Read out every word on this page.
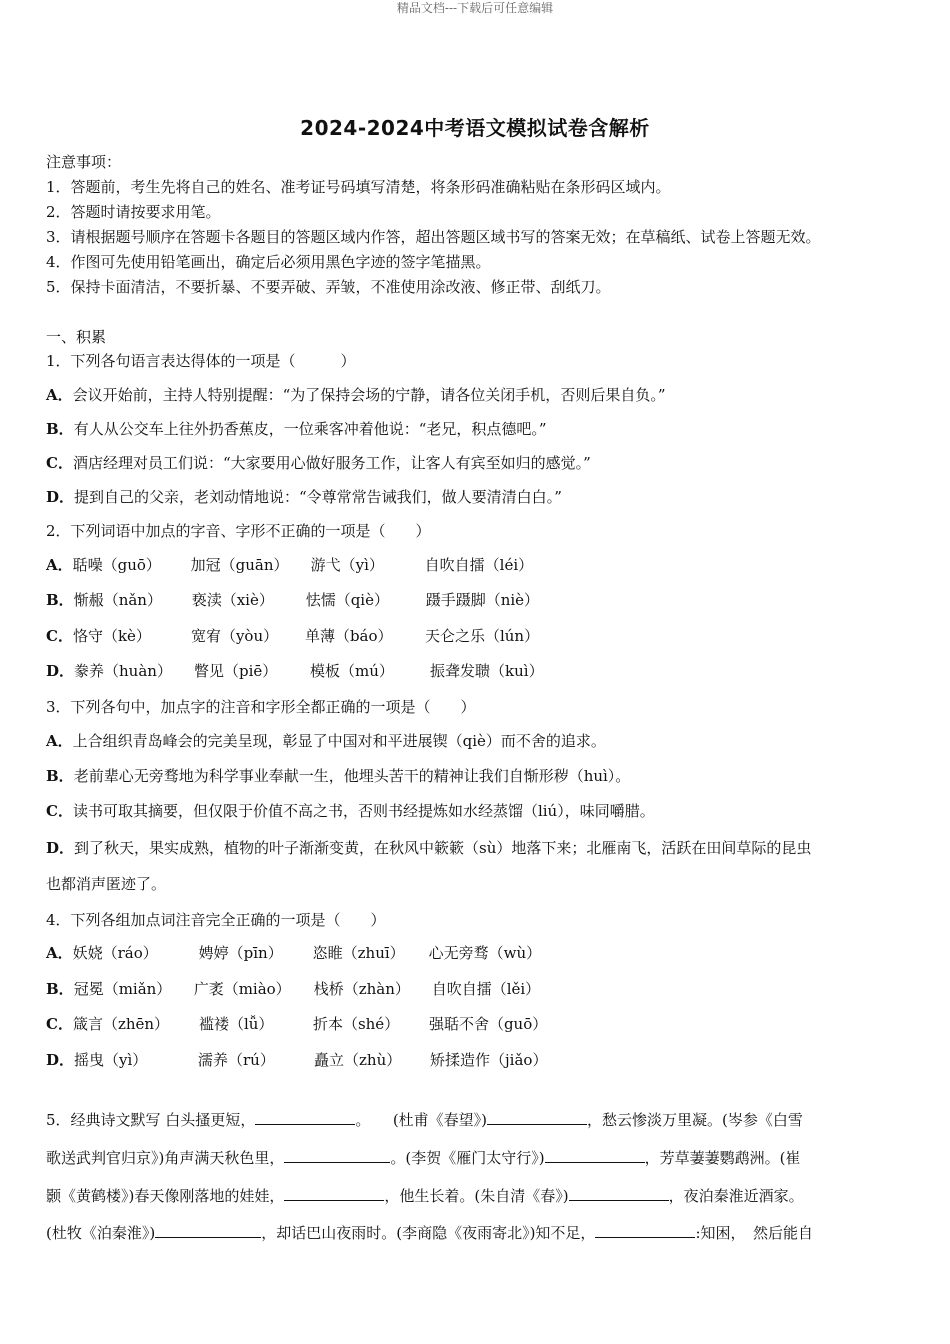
精品文档---下载后可任意编辑
2024-2024中考语文模拟试卷含解析
注意事项：
1．答题前，考生先将自己的姓名、准考证号码填写清楚，将条形码准确粘贴在条形码区域内。
2．答题时请按要求用笔。
3．请根据题号顺序在答题卡各题目的答题区域内作答，超出答题区域书写的答案无效；在草稿纸、试卷上答题无效。
4．作图可先使用铅笔画出，确定后必须用黑色字迹的签字笔描黑。
5．保持卡面清洁，不要折暴、不要弄破、弄皱，不准使用涂改液、修正带、刮纸刀。
一、积累
1．下列各句语言表达得体的一项是（　　　）
A．会议开始前，主持人特别提醒：“为了保持会场的宁静，请各位关闭手机，否则后果自负。”
B．有人从公交车上往外扔香蕉皮，一位乘客冲着他说：“老兄，积点德吧。”
C．酒店经理对员工们说：“大家要用心做好服务工作，让客人有宾至如归的感觉。”
D．提到自己的父亲，老刘动情地说：“令尊常常告诫我们，做人要清清白白。”
2．下列词语中加点的字音、字形不正确的一项是（　　）
A．聒噪（guō） 加冠（guān） 游弋（yì）	自吹自擂（léi）
B．惭赧（nǎn） 亵渎（xiè） 怯懦（qiè） 蹑手蹑脚（niè）
C．恪守（kè）	宽宥（yòu） 单薄（báo） 天仑之乐（lún）
D．豢养（huàn） 瞥见（piē） 模板（mú） 振聋发聩（kuì）
3．下列各句中，加点字的注音和字形全都正确的一项是（　　）
A．上合组织青岛峰会的完美呈现，彰显了中国对和平进展锲（qiè）而不舍的追求。
B．老前辈心无旁骛地为科学事业奉献一生，他埋头苦干的精神让我们自惭形秽（huì）。
C．读书可取其摘要，但仅限于价值不高之书，否则书经提炼如水经蒸馏（liú），味同嚼腊。
D．到了秋天，果实成熟，植物的叶子渐渐变黄，在秋风中簌簌（sù）地落下来；北雁南飞，活跃在田间草际的昆虫
也都消声匿迹了。
4．下列各组加点词注音完全正确的一项是（　　）
A．妖娆（ráo）	娉婷（pīn） 恣睢（zhuī） 心无旁骛（wù）
B．冠冕（miǎn） 广袤（miào） 栈桥（zhàn） 自吹自擂（lěi）
C．箴言（zhēn） 褴褛（lǚ）	折本（shé） 强聒不舍（guō）
D．摇曳（yì）	濡养（rú）	矗立（zhù） 矫揉造作（jiǎo）
5．经典诗文默写 白头搔更短，	。　　(杜甫《春望》)	，愁云惨淡万里凝。(岑参《白雪
歌送武判官归京》)角声满天秋色里，	。(李贺《雁门太守行》)	，芳草萋萋鹦鹉洲。(崔
颢《黄鹤楼》)春天像刚落地的娃娃，	，他生长着。(朱自清《春》)	，夜泊秦淮近酒家。
(杜牧《泊秦淮》)	，却话巴山夜雨时。(李商隐《夜雨寄北》)知不足，	:知困，　然后能自
